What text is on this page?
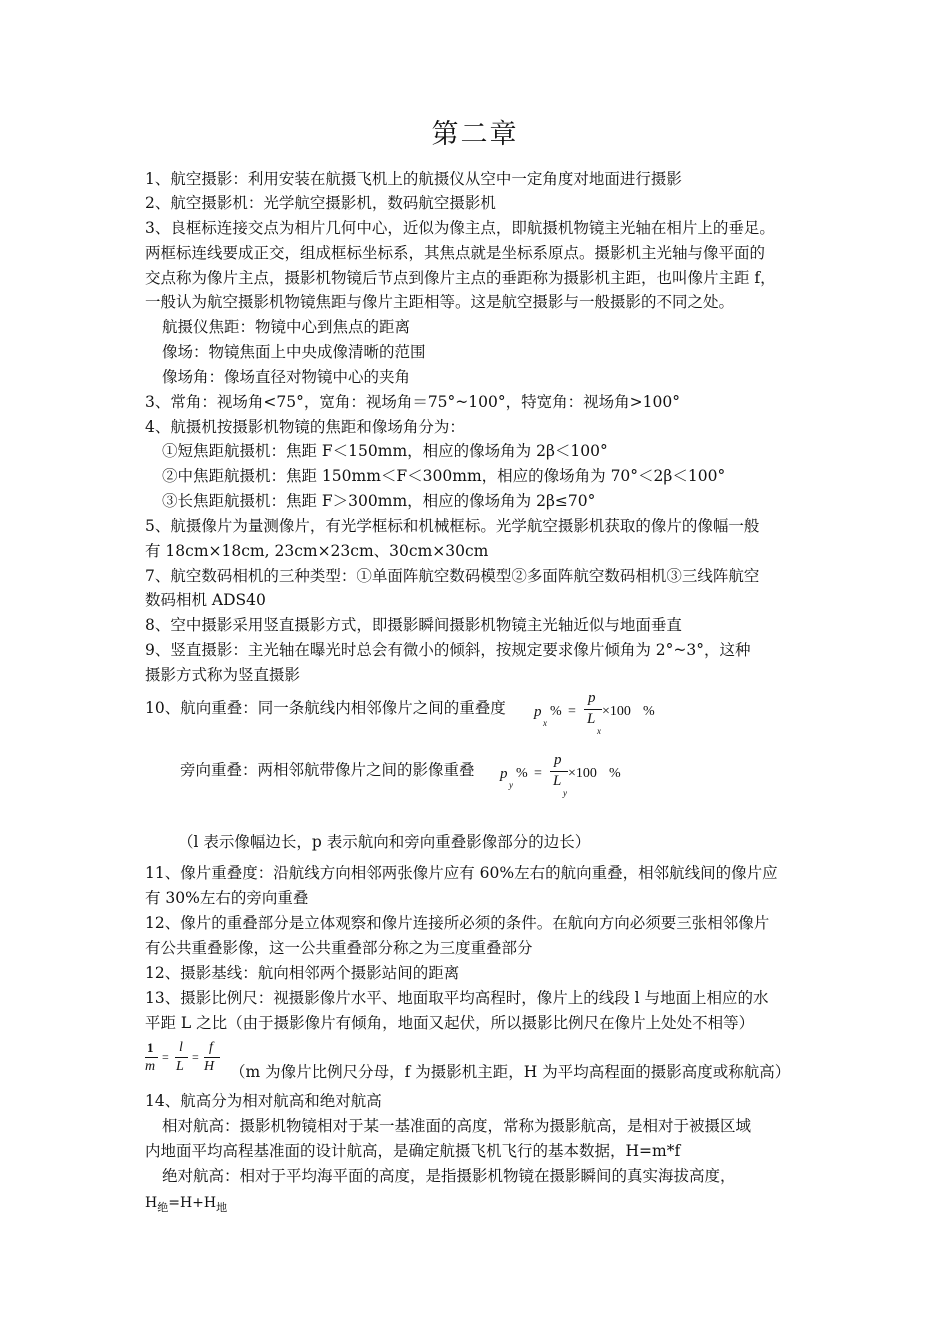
第二章
1、航空摄影：利用安装在航摄飞机上的航摄仪从空中一定角度对地面进行摄影
2、航空摄影机：光学航空摄影机，数码航空摄影机
3、良框标连接交点为相片几何中心，近似为像主点，即航摄机物镜主光轴在相片上的垂足。
两框标连线要成正交，组成框标坐标系，其焦点就是坐标系原点。摄影机主光轴与像平面的
交点称为像片主点，摄影机物镜后节点到像片主点的垂距称为摄影机主距，也叫像片主距 f，
一般认为航空摄影机物镜焦距与像片主距相等。这是航空摄影与一般摄影的不同之处。
航摄仪焦距：物镜中心到焦点的距离
像场：物镜焦面上中央成像清晰的范围
像场角：像场直径对物镜中心的夹角
3、常角：视场角<75°，宽角：视场角＝75°~100°，特宽角：视场角>100°
4、航摄机按摄影机物镜的焦距和像场角分为：
①短焦距航摄机：焦距 F＜150mm，相应的像场角为 2β＜100°
②中焦距航摄机：焦距 150mm＜F＜300mm，相应的像场角为 70°＜2β＜100°
③长焦距航摄机：焦距 F＞300mm，相应的像场角为 2β≤70°
5、航摄像片为量测像片，有光学框标和机械框标。光学航空摄影机获取的像片的像幅一般
有 18cm×18cm, 23cm×23cm、30cm×30cm
7、航空数码相机的三种类型：①单面阵航空数码模型②多面阵航空数码相机③三线阵航空
数码相机 ADS40
8、空中摄影采用竖直摄影方式，即摄影瞬间摄影机物镜主光轴近似与地面垂直
9、竖直摄影：主光轴在曝光时总会有微小的倾斜，按规定要求像片倾角为 2°~3°，这种
摄影方式称为竖直摄影
10、航向重叠：同一条航线内相邻像片之间的重叠度 p
x
% =
p
L
x
×100 %
旁向重叠：两相邻航带像片之间的影像重叠 p
y
% =
p
L
y
×100 %
（l 表示像幅边长，p 表示航向和旁向重叠影像部分的边长）
11、像片重叠度：沿航线方向相邻两张像片应有 60%左右的航向重叠，相邻航线间的像片应
有 30%左右的旁向重叠
12、像片的重叠部分是立体观察和像片连接所必须的条件。在航向方向必须要三张相邻像片
有公共重叠影像，这一公共重叠部分称之为三度重叠部分
12、摄影基线：航向相邻两个摄影站间的距离
13、摄影比例尺：视摄影像片水平、地面取平均高程时，像片上的线段 l 与地面上相应的水
平距 L 之比（由于摄影像片有倾角，地面又起伏，所以摄影比例尺在像片上处处不相等）
1
m
=
l
L
=
f
H （m 为像片比例尺分母，f 为摄影机主距，H 为平均高程面的摄影高度或称航高）
14、航高分为相对航高和绝对航高
相对航高：摄影机物镜相对于某一基准面的高度，常称为摄影航高，是相对于被摄区域
内地面平均高程基准面的设计航高，是确定航摄飞机飞行的基本数据，H=m*f
绝对航高：相对于平均海平面的高度，是指摄影机物镜在摄影瞬间的真实海拔高度，
$H_绝=H+H_地$
